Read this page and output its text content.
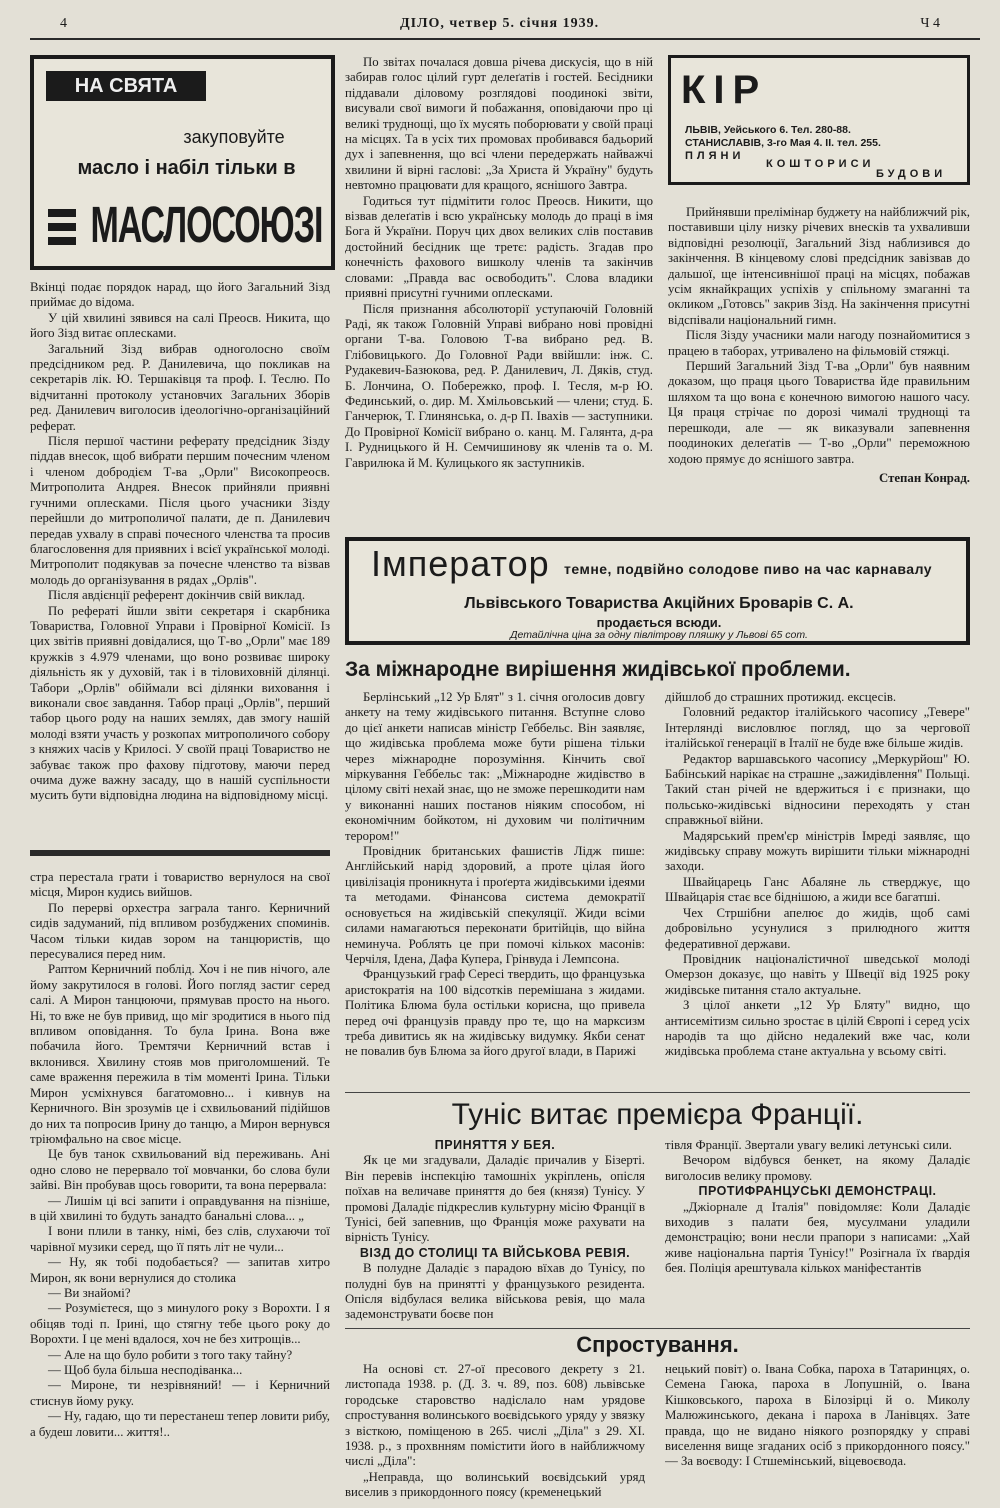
4	ДІЛО, четвер 5. січня 1939.	Ч 4
НА СВЯТА
закуповуйте
масло і набіл тільки в
МАСЛОСОЮЗІ

Вкінці подає порядок нарад, що його Загальний Зізд приймає до відома.

У цій хвилині зявився на салі Преосв. Никита, що його Зізд витає оплесками.

Загальний Зізд вибрав одноголосно своїм предсідником ред. Р. Данилевича, що покликав на секретарів лік. Ю. Тершаківця та проф. І. Теслю. По відчитанні протоколу установчих Загальних Зборів ред. Данилевич виголосив ідеологічно-організаційний реферат.

Після першої частини реферату предсідник Зізду піддав внесок, щоб вибрати першим почесним членом і членом добродієм Т-ва „Орли" Високопреосв. Митрополита Андрея. Внесок прийняли приявні гучними оплесками. Після цього учасники Зізду перейшли до митрополичої палати, де п. Данилевич передав ухвалу в справі почесного членства та просив благословення для приявних і всієї української молоді. Митрополит подякував за почесне членство та візвав молодь до організування в рядах „Орлів".

Після авдієнції референт докінчив свій виклад.

По рефераті йшли звіти секретаря і скарбника Товариства, Головної Управи і Провірної Комісії. Із цих звітів приявні довідалися, що Т-во „Орли" має 189 кружків з 4.979 членами, що воно розвиває широку діяльність як у духовій, так і в тіловиховній ділянці. Табори „Орлів" обіймали всі ділянки виховання і виконали своє завдання. Табор праці „Орлів", перший табор цього роду на наших землях, дав змогу нашій молоді взяти участь у розкопах митрополичого собору з княжих часів у Крилосі. У своїй праці Товариство не забуває також про фахову підготову, маючи перед очима дуже важну засаду, що в нашій суспільности мусить бути відповідна людина на відповідному місці.

По звітах почалася довша річева дискусія, що в ній забирав голос цілий гурт делеґатів і гостей. Бесідники піддавали діловому розглядові поодинокі звіти, висували свої вимоги й побажання, оповідаючи про ці великі труднощі, що їх мусять поборювати у своїй праці на місцях. Та в усіх тих промовах пробивався бадьорий дух і запевнення, що всі члени передержать найважчі хвилини й вірні гаслові: „За Христа й Україну" будуть невтомно працювати для кращого, яснішого Завтра.

Годиться тут підмітити голос Преосв. Никити, що візвав делеґатів і всю українську молодь до праці в імя Бога й України. Поруч цих двох великих слів поставив достойний бесідник ще третє: радість. Згадав про конечність фахового вишколу членів та закінчив словами: „Правда вас освободить". Слова владики приявні присутні гучними оплесками.

Після признання абсолюторії уступаючій Головній Раді, як також Головній Управі вибрано нові провідні органи Т-ва. Головою Т-ва вибрано ред. В. Глібовицького. До Головної Ради ввійшли: інж. С. Рудакевич-Базюкова, ред. Р. Данилевич, Л. Дяків, студ. Б. Лончина, О. Побережко, проф. І. Тесля, м-р Ю. Фединський, о. дир. М. Хмільовський — члени; студ. Б. Ганчерюк, Т. Глинянська, о. д-р П. Івахів — заступники. До Провірної Комісії вибрано о. канц. М. Галянта, д-ра І. Рудницького й Н. Семчишинову як членів та о. М. Гаврилюка й М. Кулицького як заступників.

КІР
ЛЬВІВ, Уейського 6. Тел. 280-88.
СТАНИСЛАВІВ, 3-го Мая 4. II. тел. 255.
ПЛЯНИ
КОШТОРИСИ
БУДОВИ

Прийнявши прелімінар буджету на найближчий рік, поставивши цілу низку річевих внесків та ухваливши відповідні резолюції, Загальний Зізд наблизився до закінчення. В кінцевому слові предсідник завізвав до дальшої, ще інтенсивнішої праці на місцях, побажав усім якнайкращих успіхів у спільному змаганні та окликом „Готовсь" закрив Зізд. На закінчення присутні відспівали національний гимн.

Після Зізду учасники мали нагоду познайомитися з працею в таборах, утривалено на фільмовій стяжці.

Перший Загальний Зізд Т-ва „Орли" був наявним доказом, що праця цього Товариства йде правильним шляхом та що вона є конечною вимогою нашого часу. Ця праця стрічає по дорозі чималі труднощі та перешкоди, але — як виказували запевнення поодиноких делеґатів — Т-во „Орли" переможною ходою прямує до яснішого завтра.

Степан Конрад.

Імператор темне, подвійно солодове пиво на час карнавалу
Львівського Товариства Акційних Броварів С. А.
продається всюди.
Детайлічна ціна за одну півлітрову пляшку у Львові 65 сот.
За міжнародне вирішення жидівської проблеми.

Берлінський „12 Ур Блят" з 1. січня оголосив довгу анкету на тему жидівського питання. Вступне слово до цієї анкети написав міністр Геббельс. Він заявляє, що жидівська проблема може бути рішена тільки через міжнародне порозуміння. Кінчить свої міркування Геббельс так: „Міжнародне жидівство в цілому світі нехай знає, що не зможе перешкодити нам у виконанні наших постанов ніяким способом, ні економічним бойкотом, ні духовим чи політичним терором!"

Провідник британських фашистів Лідж пише: Англійський нарід здоровий, а проте цілая його цивілізація проникнута і проґерта жидівськими ідеями та методами. Фінансова система демократії основується на жидівській спекуляції. Жиди всіми силами намагаються переконати бритійців, що війна неминуча. Роблять це при помочі кількох масонів: Черчіля, Ідена, Дафа Купера, Грінвуда і Лемпсона.

Французький граф Сересі твердить, що французька аристократія на 100 відсотків перемішана з жидами. Політика Блюма була остільки корисна, що привела перед очі французів правду про те, що на марксизм треба дивитись як на жидівську видумку. Якби сенат не повалив був Блюма за його другої влади, в Парижі

дійшлоб до страшних протижид. ексцесів.

Головний редактор італійського часопису „Тевере" Інтерлянді висловлює погляд, що за черговоїї італійської генерації в Італії не буде вже більше жидів.

Редактор варшавського часопису „Меркурйош" Ю. Бабінський нарікає на страшне „зажидівлення" Польщі. Такий стан річей не вдержиться і є признаки, що польсько-жидівські відносини переходять у стан справжньої війни.

Мадярський прем'єр міністрів Імреді заявляє, що жидівську справу можуть вирішити тільки міжнародні заходи.

Швайцарець Ганс Абаляне ль стверджує, що Швайцарія стає все біднішою, а жиди все багатші.

Чех Стршібни апелює до жидів, щоб самі добровільно усунулися з прилюдного життя федеративної держави.

Провідник націоналістичної шведської молоді Омерзон доказує, що навіть у Швеції від 1925 року жидівське питання стало актуальне.

З цілої анкети „12 Ур Блятy" видно, що антисемітизм сильно зростає в цілій Європі і серед усіх народів та що дійсно недалекий вже час, коли жидівська проблема стане актуальна у всьому світі.

стра перестала грати і товариство вернулося на свої місця, Мирон кудись вийшов.

По перерві орхестра заграла танго. Керничний сидів задуманий, під впливом розбуджених споминів. Часом тільки кидав зором на танцюристів, що пересувалися перед ним.

Раптом Керничний поблід. Хоч і не пив нічого, але йому закрутилося в голові. Його погляд застиг серед салі. А Мирон танцюючи, прямував просто на нього. Ні, то вже не був привид, що міг зродитися в нього під впливом оповідання. То була Ірина. Вона вже побачила його. Тремтячи Керничний встав і вклонився. Хвилину стояв мов приголомшений. Те саме враження пережила в тім моменті Ірина. Тільки Мирон усміхнувся багатомовно... і кивнув на Керничного. Він зрозумів це і схвильований підійшов до них та попросив Ірину до танцю, а Мирон вернувся тріюмфально на своє місце.

Це був танок схвильований від переживань. Ані одно слово не перервало тої мовчанки, бо слова були зайві. Він пробував щось говорити, та вона перервала:

— Лишім ці всі запити і оправдування на пізніше, в цій хвилині то будуть занадто банальні слова... „

І вони плили в танку, німі, без слів, слухаючи тої чарівної музики серед, що її пять літ не чули...

— Ну, як тобі подобається? — запитав хитро Мирон, як вони вернулися до столика

— Ви знайомі?

— Розумієтеся, що з минулого року з Ворохти. І я обіцяв тоді п. Ірині, що стягну тебе цього року до Ворохти. І це мені вдалося, хоч не без хитрощів...

— Але на що було робити з того таку тайну?

— Щоб була більша несподіванка...

— Мироне, ти незрівняний! — і Керничний стиснув йому руку.

— Ну, гадаю, що ти перестанеш тепер ловити рибу, а будеш ловити... життя!..

Туніс витає премієра Франції.
ПРИНЯТТЯ У БЕЯ.

Як це ми згадували, Даладіє причалив у Бізерті. Він перевів інспекцію тамошніх укріплень, опісля поїхав на величаве приняття до бея (князя) Тунісу. У промові Даладіє підкреслив культурну місію Франції в Тунісі, бей запевнив, що Франція може рахувати на вірність Тунісу.

ВІЗД ДО СТОЛИЦІ ТА ВІЙСЬКОВА РЕВІЯ.

В полудне Даладіє з парадою вїхав до Тунісу, по полудні був на принятті у французького резидента. Опісля відбулася велика військова ревія, що мала задемонструвати боєве пон

тівля Франції. Звертали увагу великі летунські сили.

Вечором відбувся бенкет, на якому Даладіє виголосив велику промову.

ПРОТИФРАНЦУСЬКІ ДЕМОНСТРАЦІ.

„Джіорнале д Італія" повідомляє: Коли Даладіє виходив з палати бея, мусулмани уладили демонстрацію; вони несли прапори з написами: „Хай живе національна партія Тунісу!" Розігнала їх ґвардія бея. Поліція арештувала кількох манiфестантів

Спростування.

На основі ст. 27-ої пресового декрету з 21. листопада 1938. р. (Д. З. ч. 89, поз. 608) львівське городське старовство надіслало нам урядове спростування волинського воєвідського уряду у звязку з вісткою, поміщеною в 265. числі „Діла" з 29. XI. 1938. р., з прохвнням помістити його в найближчому числі „Діла":

„Неправда, що волинський воєвідський уряд виселив з прикордонного поясу (кременецький

нецький повіт) о. Івана Собка, пароха в Татаринцях, о. Семена Гаюка, пароха в Лопушній, о. Івана Кішковського, пароха в Білозірці й о. Миколу Малюжинського, декана і пароха в Ланівцях. Зате правда, що не видано ніякого розпорядку у справі виселення вище згаданих осіб з прикордонного поясу." — За воєводу: І Стшемінський, віцевоєвода.
